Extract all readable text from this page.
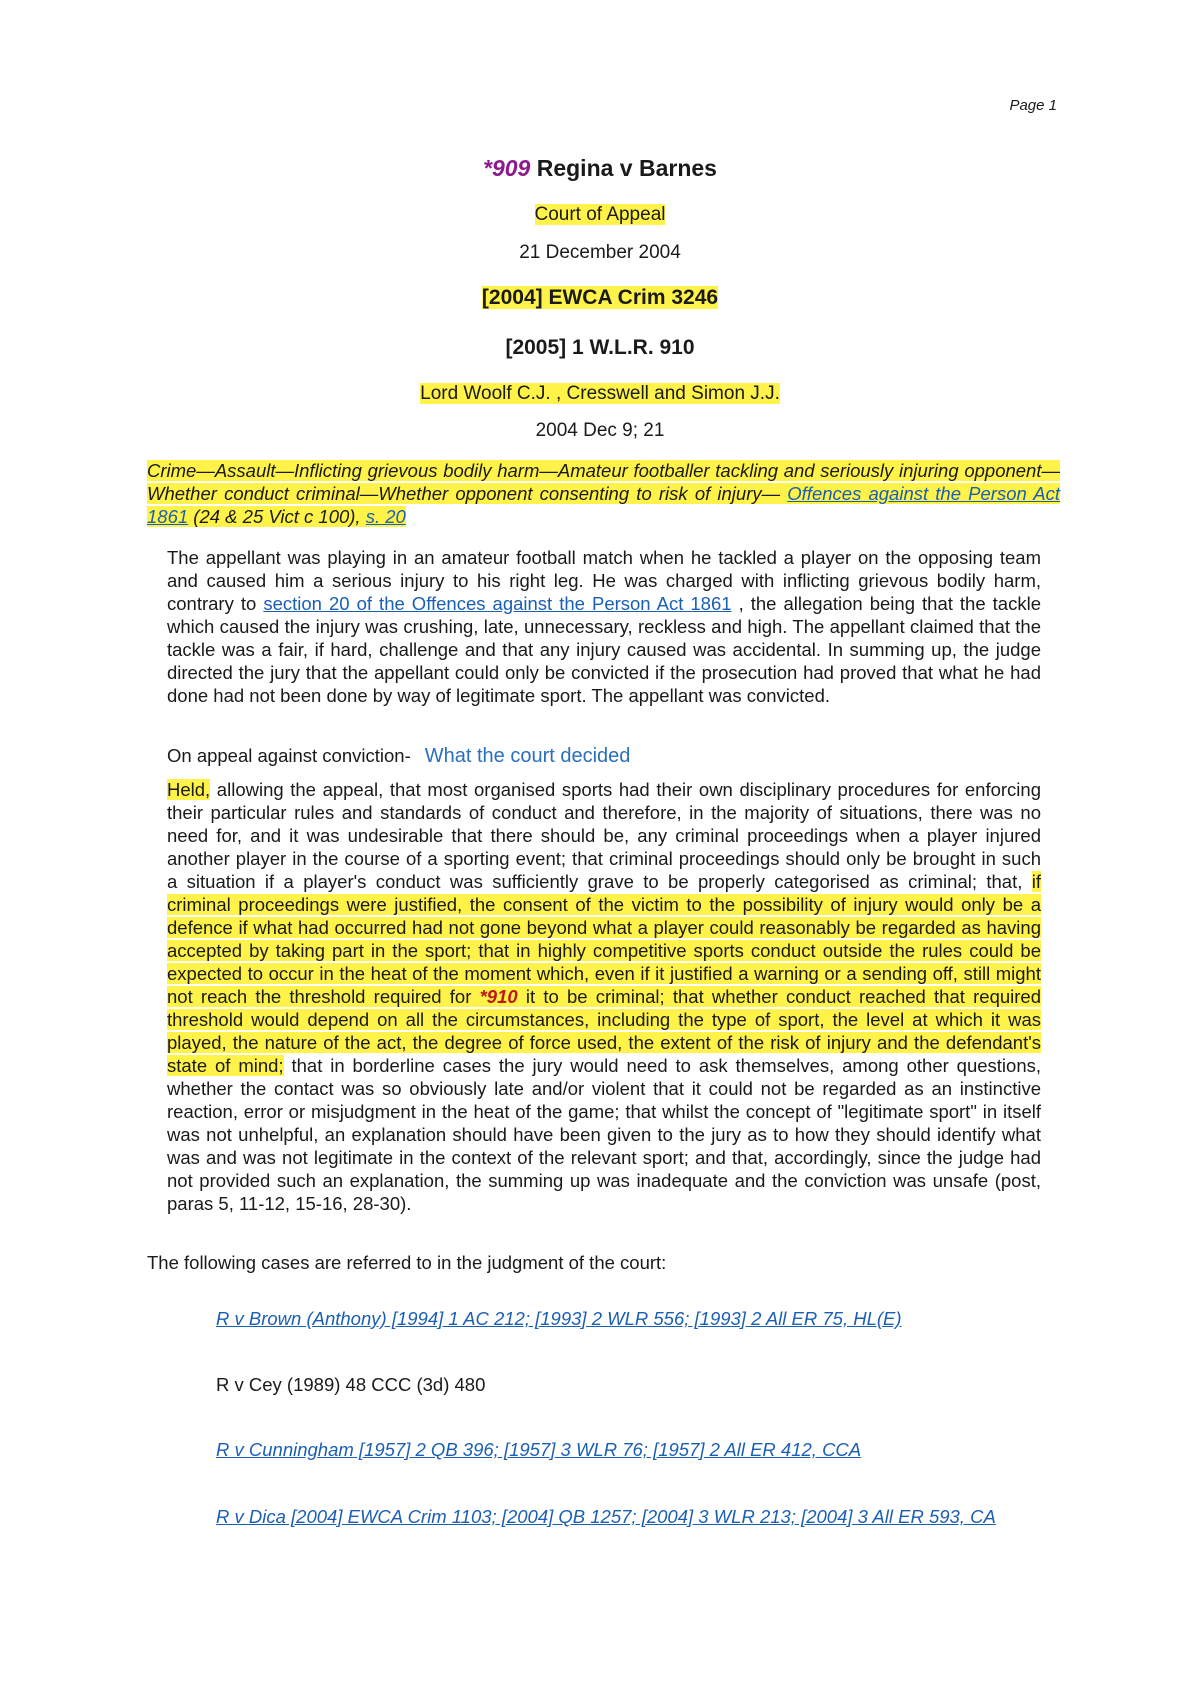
Page 1
*909 Regina v Barnes
Court of Appeal
21 December 2004
[2004] EWCA Crim 3246
[2005] 1 W.L.R. 910
Lord Woolf C.J. , Cresswell and Simon J.J.
2004 Dec 9; 21
Crime—Assault—Inflicting grievous bodily harm—Amateur footballer tackling and seriously injuring opponent—Whether conduct criminal—Whether opponent consenting to risk of injury— Offences against the Person Act 1861 (24 & 25 Vict c 100), s. 20
The appellant was playing in an amateur football match when he tackled a player on the opposing team and caused him a serious injury to his right leg. He was charged with inflicting grievous bodily harm, contrary to section 20 of the Offences against the Person Act 1861 , the allegation being that the tackle which caused the injury was crushing, late, unnecessary, reckless and high. The appellant claimed that the tackle was a fair, if hard, challenge and that any injury caused was accidental. In summing up, the judge directed the jury that the appellant could only be convicted if the prosecution had proved that what he had done had not been done by way of legitimate sport. The appellant was convicted.
On appeal against conviction- What the court decided
Held, allowing the appeal, that most organised sports had their own disciplinary procedures for enforcing their particular rules and standards of conduct and therefore, in the majority of situations, there was no need for, and it was undesirable that there should be, any criminal proceedings when a player injured another player in the course of a sporting event; that criminal proceedings should only be brought in such a situation if a player's conduct was sufficiently grave to be properly categorised as criminal; that, if criminal proceedings were justified, the consent of the victim to the possibility of injury would only be a defence if what had occurred had not gone beyond what a player could reasonably be regarded as having accepted by taking part in the sport; that in highly competitive sports conduct outside the rules could be expected to occur in the heat of the moment which, even if it justified a warning or a sending off, still might not reach the threshold required for *910 it to be criminal; that whether conduct reached that required threshold would depend on all the circumstances, including the type of sport, the level at which it was played, the nature of the act, the degree of force used, the extent of the risk of injury and the defendant's state of mind; that in borderline cases the jury would need to ask themselves, among other questions, whether the contact was so obviously late and/or violent that it could not be regarded as an instinctive reaction, error or misjudgment in the heat of the game; that whilst the concept of "legitimate sport" in itself was not unhelpful, an explanation should have been given to the jury as to how they should identify what was and was not legitimate in the context of the relevant sport; and that, accordingly, since the judge had not provided such an explanation, the summing up was inadequate and the conviction was unsafe (post, paras 5, 11-12, 15-16, 28-30).
The following cases are referred to in the judgment of the court:
R v Brown (Anthony) [1994] 1 AC 212; [1993] 2 WLR 556; [1993] 2 All ER 75, HL(E)
R v Cey (1989) 48 CCC (3d) 480
R v Cunningham [1957] 2 QB 396; [1957] 3 WLR 76; [1957] 2 All ER 412, CCA
R v Dica [2004] EWCA Crim 1103; [2004] QB 1257; [2004] 3 WLR 213; [2004] 3 All ER 593, CA
